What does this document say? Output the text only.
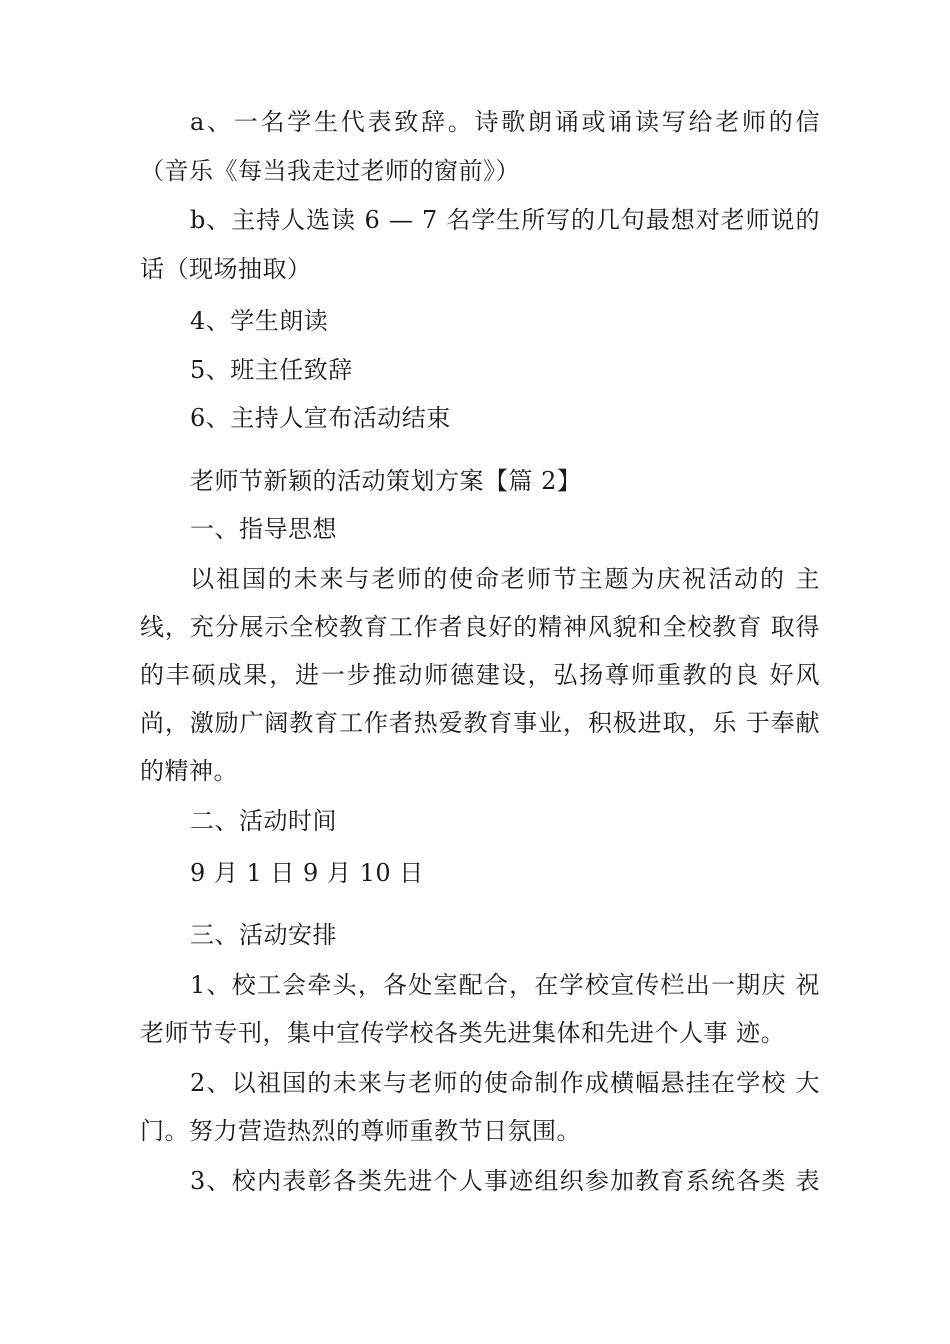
a、一名学生代表致辞。诗歌朗诵或诵读写给老师的信
（音乐《每当我走过老师的窗前》）
b、主持人选读 6 — 7 名学生所写的几句最想对老师说的
话（现场抽取）
4、学生朗读
5、班主任致辞
6、主持人宣布活动结束
老师节新颖的活动策划方案【篇 2】
一、指导思想
以祖国的未来与老师的使命老师节主题为庆祝活动的 主
线，充分展示全校教育工作者良好的精神风貌和全校教育 取得
的丰硕成果，进一步推动师德建设，弘扬尊师重教的良 好风
尚，激励广阔教育工作者热爱教育事业，积极进取，乐 于奉献
的精神。
二、活动时间
9 月 1 日 9 月 10 日
三、活动安排
1、校工会牵头，各处室配合，在学校宣传栏出一期庆 祝
老师节专刊，集中宣传学校各类先进集体和先进个人事 迹。
2、以祖国的未来与老师的使命制作成横幅悬挂在学校 大
门。努力营造热烈的尊师重教节日氛围。
3、校内表彰各类先进个人事迹组织参加教育系统各类 表
